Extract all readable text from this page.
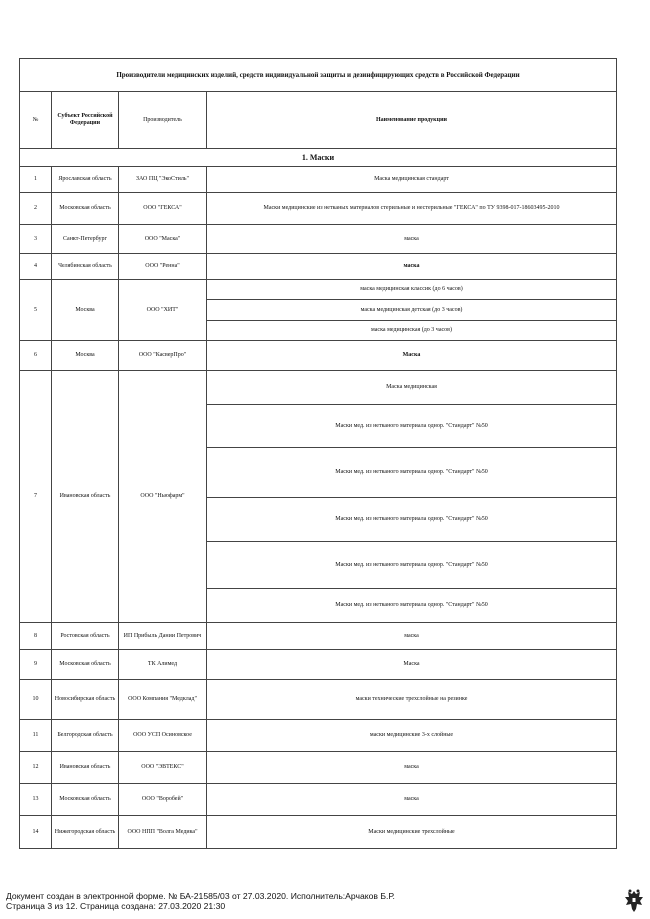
Производители медицинских изделий, средств индивидуальной защиты и дезинфицирующих средств в Российской Федерации			
№	Субъект Российской Федерации	Производитель	Наименование продукции
1. Маски			
1	Ярославская область	ЗАО ПЦ "ЭкоСтиль"	Маска медицинская стандарт
2	Московская область	ООО "ГЕКСА"	Маски медицинские из нетканых материалов стерильные и нестерильные "ГЕКСА" по ТУ 9398-017-18603495-2010
3	Санкт-Петербург	ООО "Маска"	маска
4	Челябинская область	ООО "Ренна"	маска
5	Москва	ООО "ХИТ"	маска медицинская классик (до 6 часов)
			маска медицинская детская (до 3 часов)
			маска медицинская (до 3 часов)
6	Москва	ООО "КасверПро"	Маска
7	Ивановская область	ООО "Ньюфарм"	Маска медицинская
			Маски мед. из нетканого материала однор. "Стандарт" №50
			Маски мед. из нетканого материала однор. "Стандарт" №50
			Маски мед. из нетканого материала однор. "Стандарт" №50
			Маски мед. из нетканого материала однор. "Стандарт" №50
			Маски мед. из нетканого материала однор. "Стандарт" №50
8	Ростовская область	ИП Прибыль Дании Петрович	маска
9	Московская область	ТК Алимед	Маска
10	Новосибирская область	ООО Компания "Медклад"	маски технические трехслойные на резинке
11	Белгородская область	ООО УСП Осиновское	маски медицинские 3-х слойные
12	Ивановская область	ООО "ЭВТЕКС"	маска
13	Московская область	ООО "Воробей"	маска
14	Нижегородская область	ООО НПП "Волга Медика"	Маски медицинские трехслойные
Документ создан в электронной форме. № БА-21585/03 от 27.03.2020. Исполнитель:Арчаков Б.Р.
Страница 3 из 12. Страница создана: 27.03.2020 21:30
